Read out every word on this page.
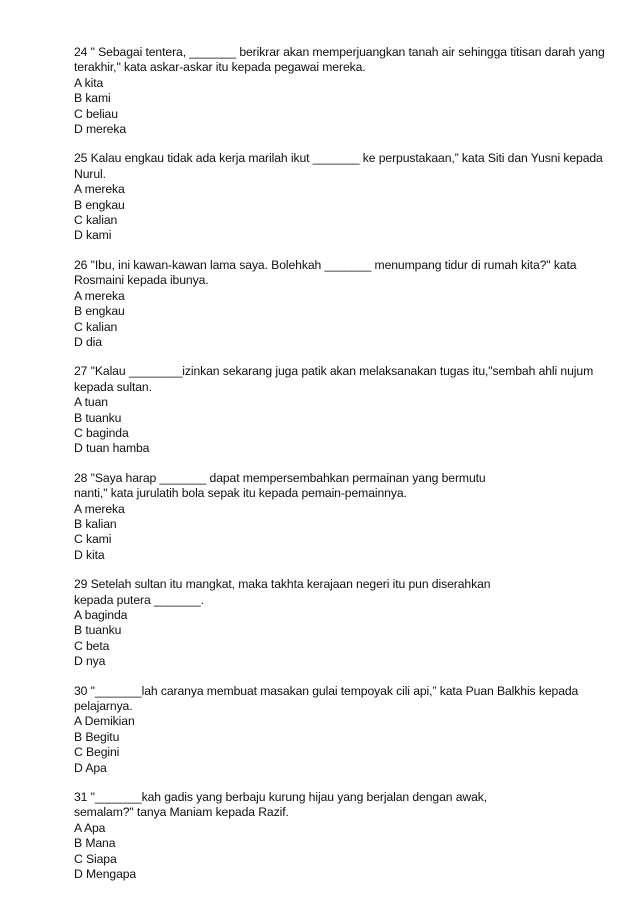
24 " Sebagai tentera, _______ berikrar akan memperjuangkan tanah air sehingga titisan darah yang
terakhir," kata askar-askar itu kepada pegawai mereka.
A kita
B kami
C beliau
D mereka
25 Kalau engkau tidak ada kerja marilah ikut _______ ke perpustakaan,” kata Siti dan Yusni kepada
Nurul.
A mereka
B engkau
C kalian
D kami
26 "Ibu, ini kawan-kawan lama saya. Bolehkah _______ menumpang tidur di rumah kita?" kata
Rosmaini kepada ibunya.
A mereka
B engkau
C kalian
D dia
27 "Kalau ________izinkan sekarang juga patik akan melaksanakan tugas itu,"sembah ahli nujum
kepada sultan.
A tuan
B tuanku
C baginda
D tuan hamba
28 "Saya harap _______ dapat mempersembahkan permainan yang bermutu
nanti," kata jurulatih bola sepak itu kepada pemain-pemainnya.
A mereka
B kalian
C kami
D kita
29 Setelah sultan itu mangkat, maka takhta kerajaan negeri itu pun diserahkan
kepada putera _______.
A baginda
B tuanku
C beta
D nya
30 "_______lah caranya membuat masakan gulai tempoyak cili api,” kata Puan Balkhis kepada
pelajarnya.
A Demikian
B Begitu
C Begini
D Apa
31 "_______kah gadis yang berbaju kurung hijau yang berjalan dengan awak,
semalam?" tanya Maniam kepada Razif.
A Apa
B Mana
C Siapa
D Mengapa
